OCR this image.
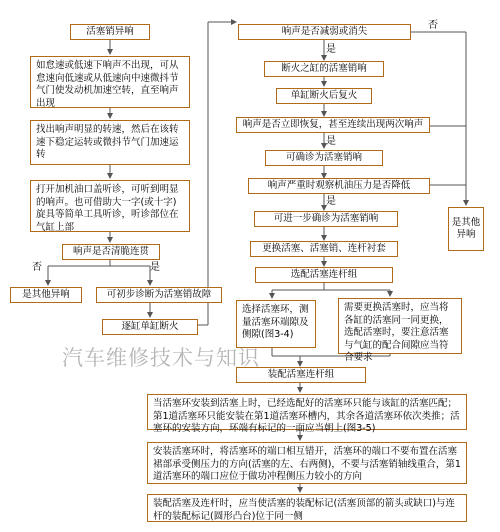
活塞销异响
如怠速或低速下响声不出现，可从怠速向低速或从低速向中速微抖节气门使发动机加速空转，直至响声出现
找出响声明显的转速，然后在该转速下稳定运转或微抖节气门加速运转
打开加机油口盖听诊，可听到明显的响声。也可借助大一字(或十字)旋具等简单工具听诊，听诊部位在气缸上部
响声是否清脆连贯
否	是
是其他异响	可初步诊断为活塞销故障
逐缸单缸断火
响声是否减弱或消失
否
是
断火之缸的活塞销响
单缸断火后复火
响声是否立即恢复，甚至连续出现两次响声
是
可确诊为活塞销响
响声严重时观察机油压力是否降低
是
可进一步确诊为活塞销响
更换活塞、活塞销、连杆衬套
选配活塞连杆组
选择活塞环，测量活塞环端隙及侧隙(图3-4)
需要更换活塞时，应当将各缸的活塞同一同更换，选配活塞时，要注意活塞与气缸的配合间隙应当符合要求
装配活塞连杆组
当活塞环安装到活塞上时，已经选配好的活塞环只能与该缸的活塞匹配；第1道活塞环只能安装在第1道活塞环槽内，其余各道活塞环依次类推；活塞环的安装方向，环端有标记的一面应当朝上(图3-5)
安装活塞环时，将活塞环的端口相互错开，活塞环的端口不要布置在活塞裙部承受侧压力的方向(活塞的左、右两侧)，不要与活塞销轴线重合，第1道活塞环的端口应位于做功冲程侧压力较小的方向
装配活塞及连杆时，应当使活塞的装配标记(活塞顶部的箭头或缺口)与连杆的装配标记(圆形凸台)位于同一侧
是其他异响
汽车维修技术与知识
